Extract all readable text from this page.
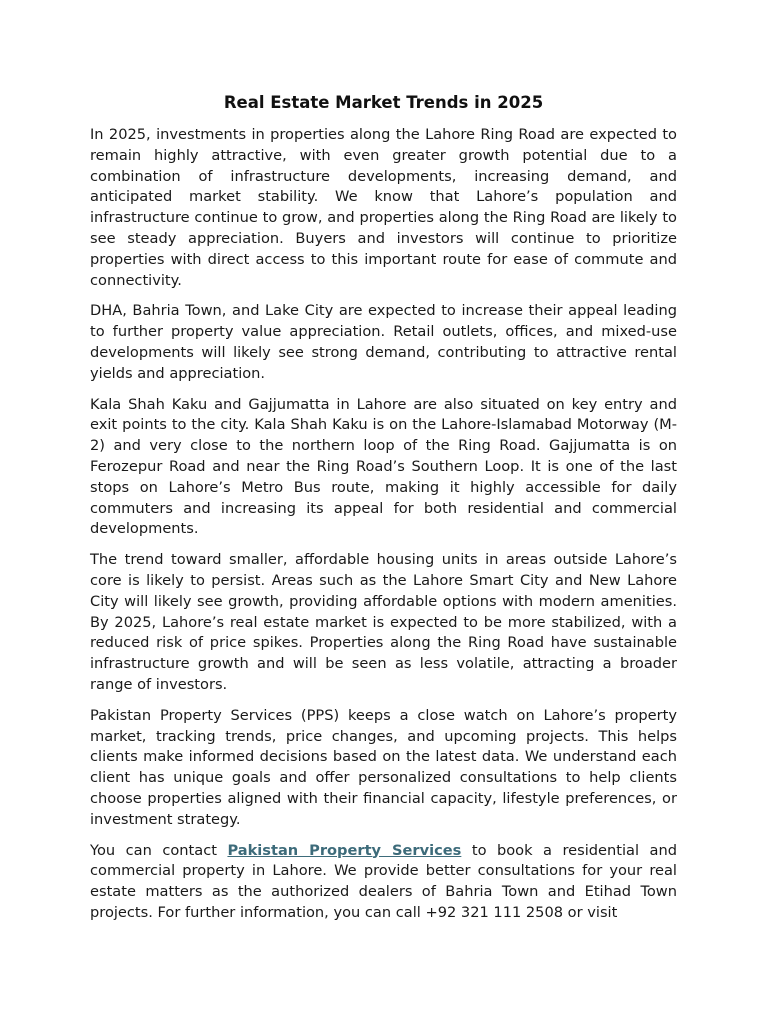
Real Estate Market Trends in 2025

In 2025, investments in properties along the Lahore Ring Road are expected to remain highly attractive, with even greater growth potential due to a combination of infrastructure developments, increasing demand, and anticipated market stability. We know that Lahore’s population and infrastructure continue to grow, and properties along the Ring Road are likely to see steady appreciation. Buyers and investors will continue to prioritize properties with direct access to this important route for ease of commute and connectivity.

DHA, Bahria Town, and Lake City are expected to increase their appeal leading to further property value appreciation. Retail outlets, offices, and mixed-use developments will likely see strong demand, contributing to attractive rental yields and appreciation.

Kala Shah Kaku and Gajjumatta in Lahore are also situated on key entry and exit points to the city. Kala Shah Kaku is on the Lahore-Islamabad Motorway (M-2) and very close to the northern loop of the Ring Road. Gajjumatta is on Ferozepur Road and near the Ring Road’s Southern Loop. It is one of the last stops on Lahore’s Metro Bus route, making it highly accessible for daily commuters and increasing its appeal for both residential and commercial developments.

The trend toward smaller, affordable housing units in areas outside Lahore’s core is likely to persist. Areas such as the Lahore Smart City and New Lahore City will likely see growth, providing affordable options with modern amenities. By 2025, Lahore’s real estate market is expected to be more stabilized, with a reduced risk of price spikes. Properties along the Ring Road have sustainable infrastructure growth and will be seen as less volatile, attracting a broader range of investors.

Pakistan Property Services (PPS) keeps a close watch on Lahore’s property market, tracking trends, price changes, and upcoming projects. This helps clients make informed decisions based on the latest data. We understand each client has unique goals and offer personalized consultations to help clients choose properties aligned with their financial capacity, lifestyle preferences, or investment strategy.

You can contact Pakistan Property Services to book a residential and commercial property in Lahore. We provide better consultations for your real estate matters as the authorized dealers of Bahria Town and Etihad Town projects. For further information, you can call +92 321 111 2508 or visit
